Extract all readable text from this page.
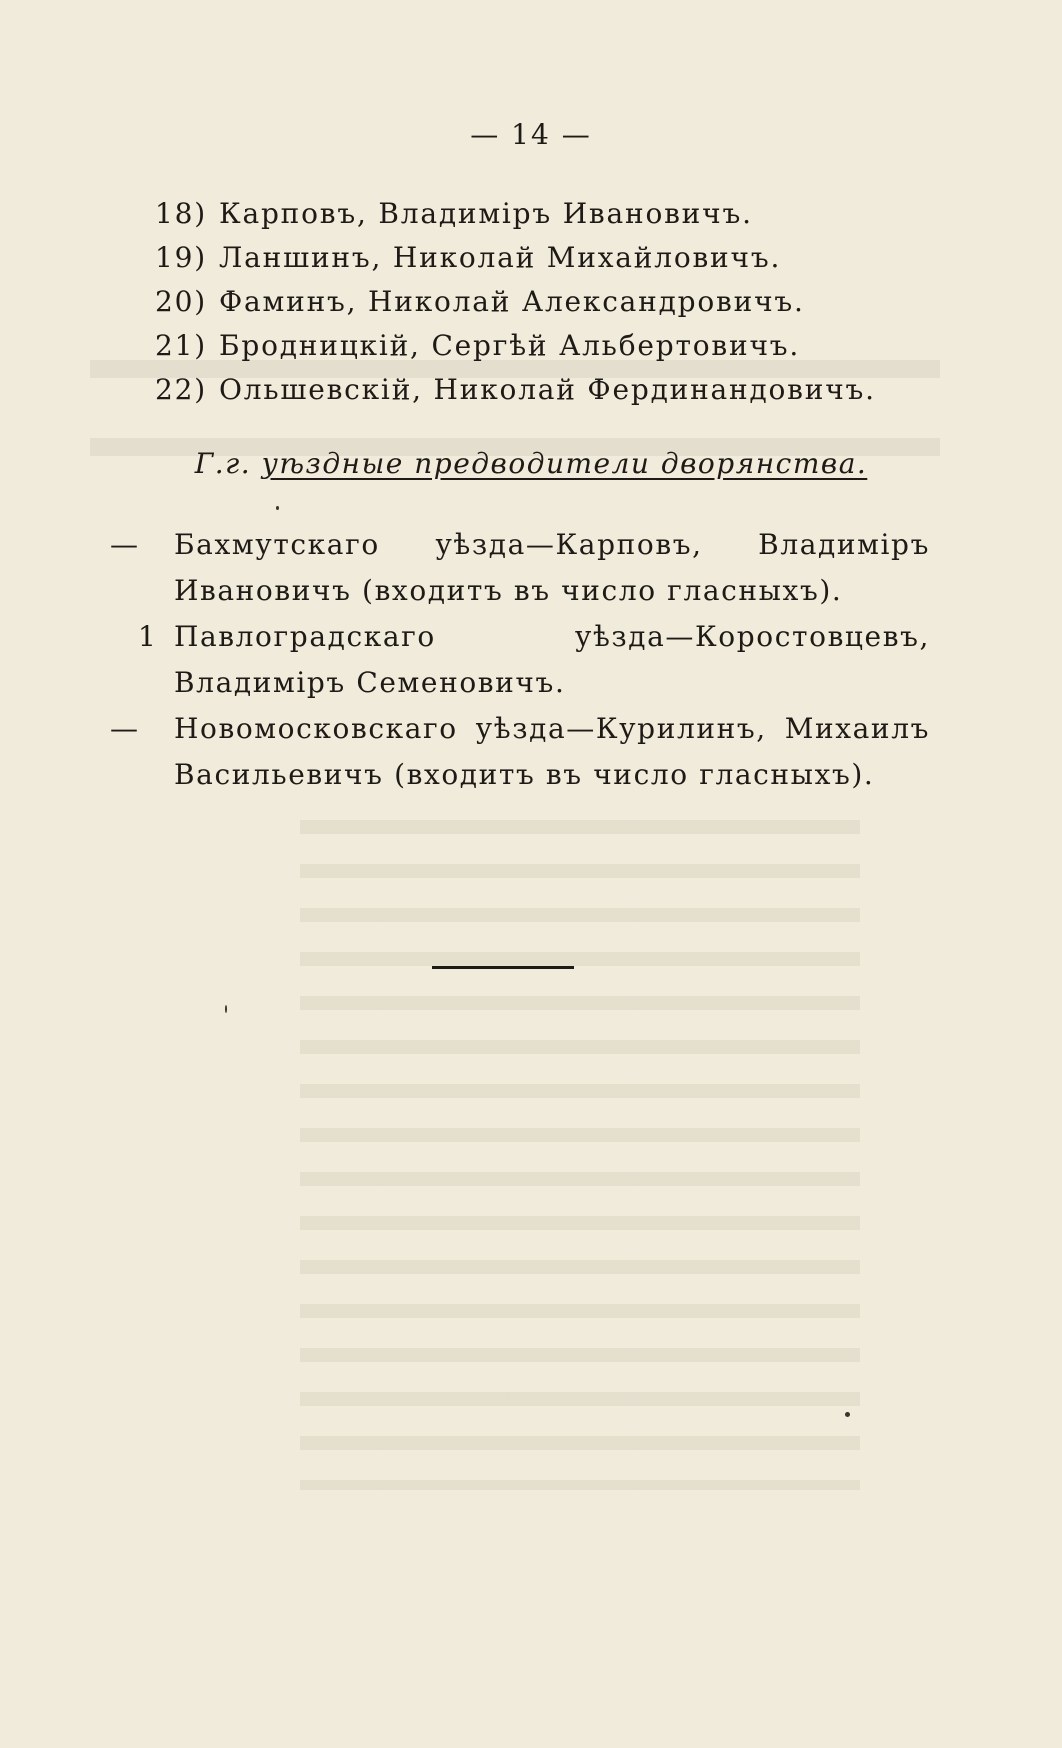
— 14 —
18) Карповъ, Владиміръ Ивановичъ.
19) Ланшинъ, Николай Михайловичъ.
20) Фаминъ, Николай Александровичъ.
21) Бродницкій, Сергѣй Альбертовичъ.
22) Ольшевскій, Николай Фердинандовичъ.
Г.г. уѣздные предводители дворянства.
—	Бахмутскаго уѣзда—Карповъ, Владиміръ Ивановичъ (входитъ въ число гласныхъ).
1 Павлоградскаго уѣзда—Коростовцевъ, Владиміръ Семеновичъ.
—	Новомосковскаго уѣзда—Курилинъ, Михаилъ Васильевичъ (входитъ въ число гласныхъ).
